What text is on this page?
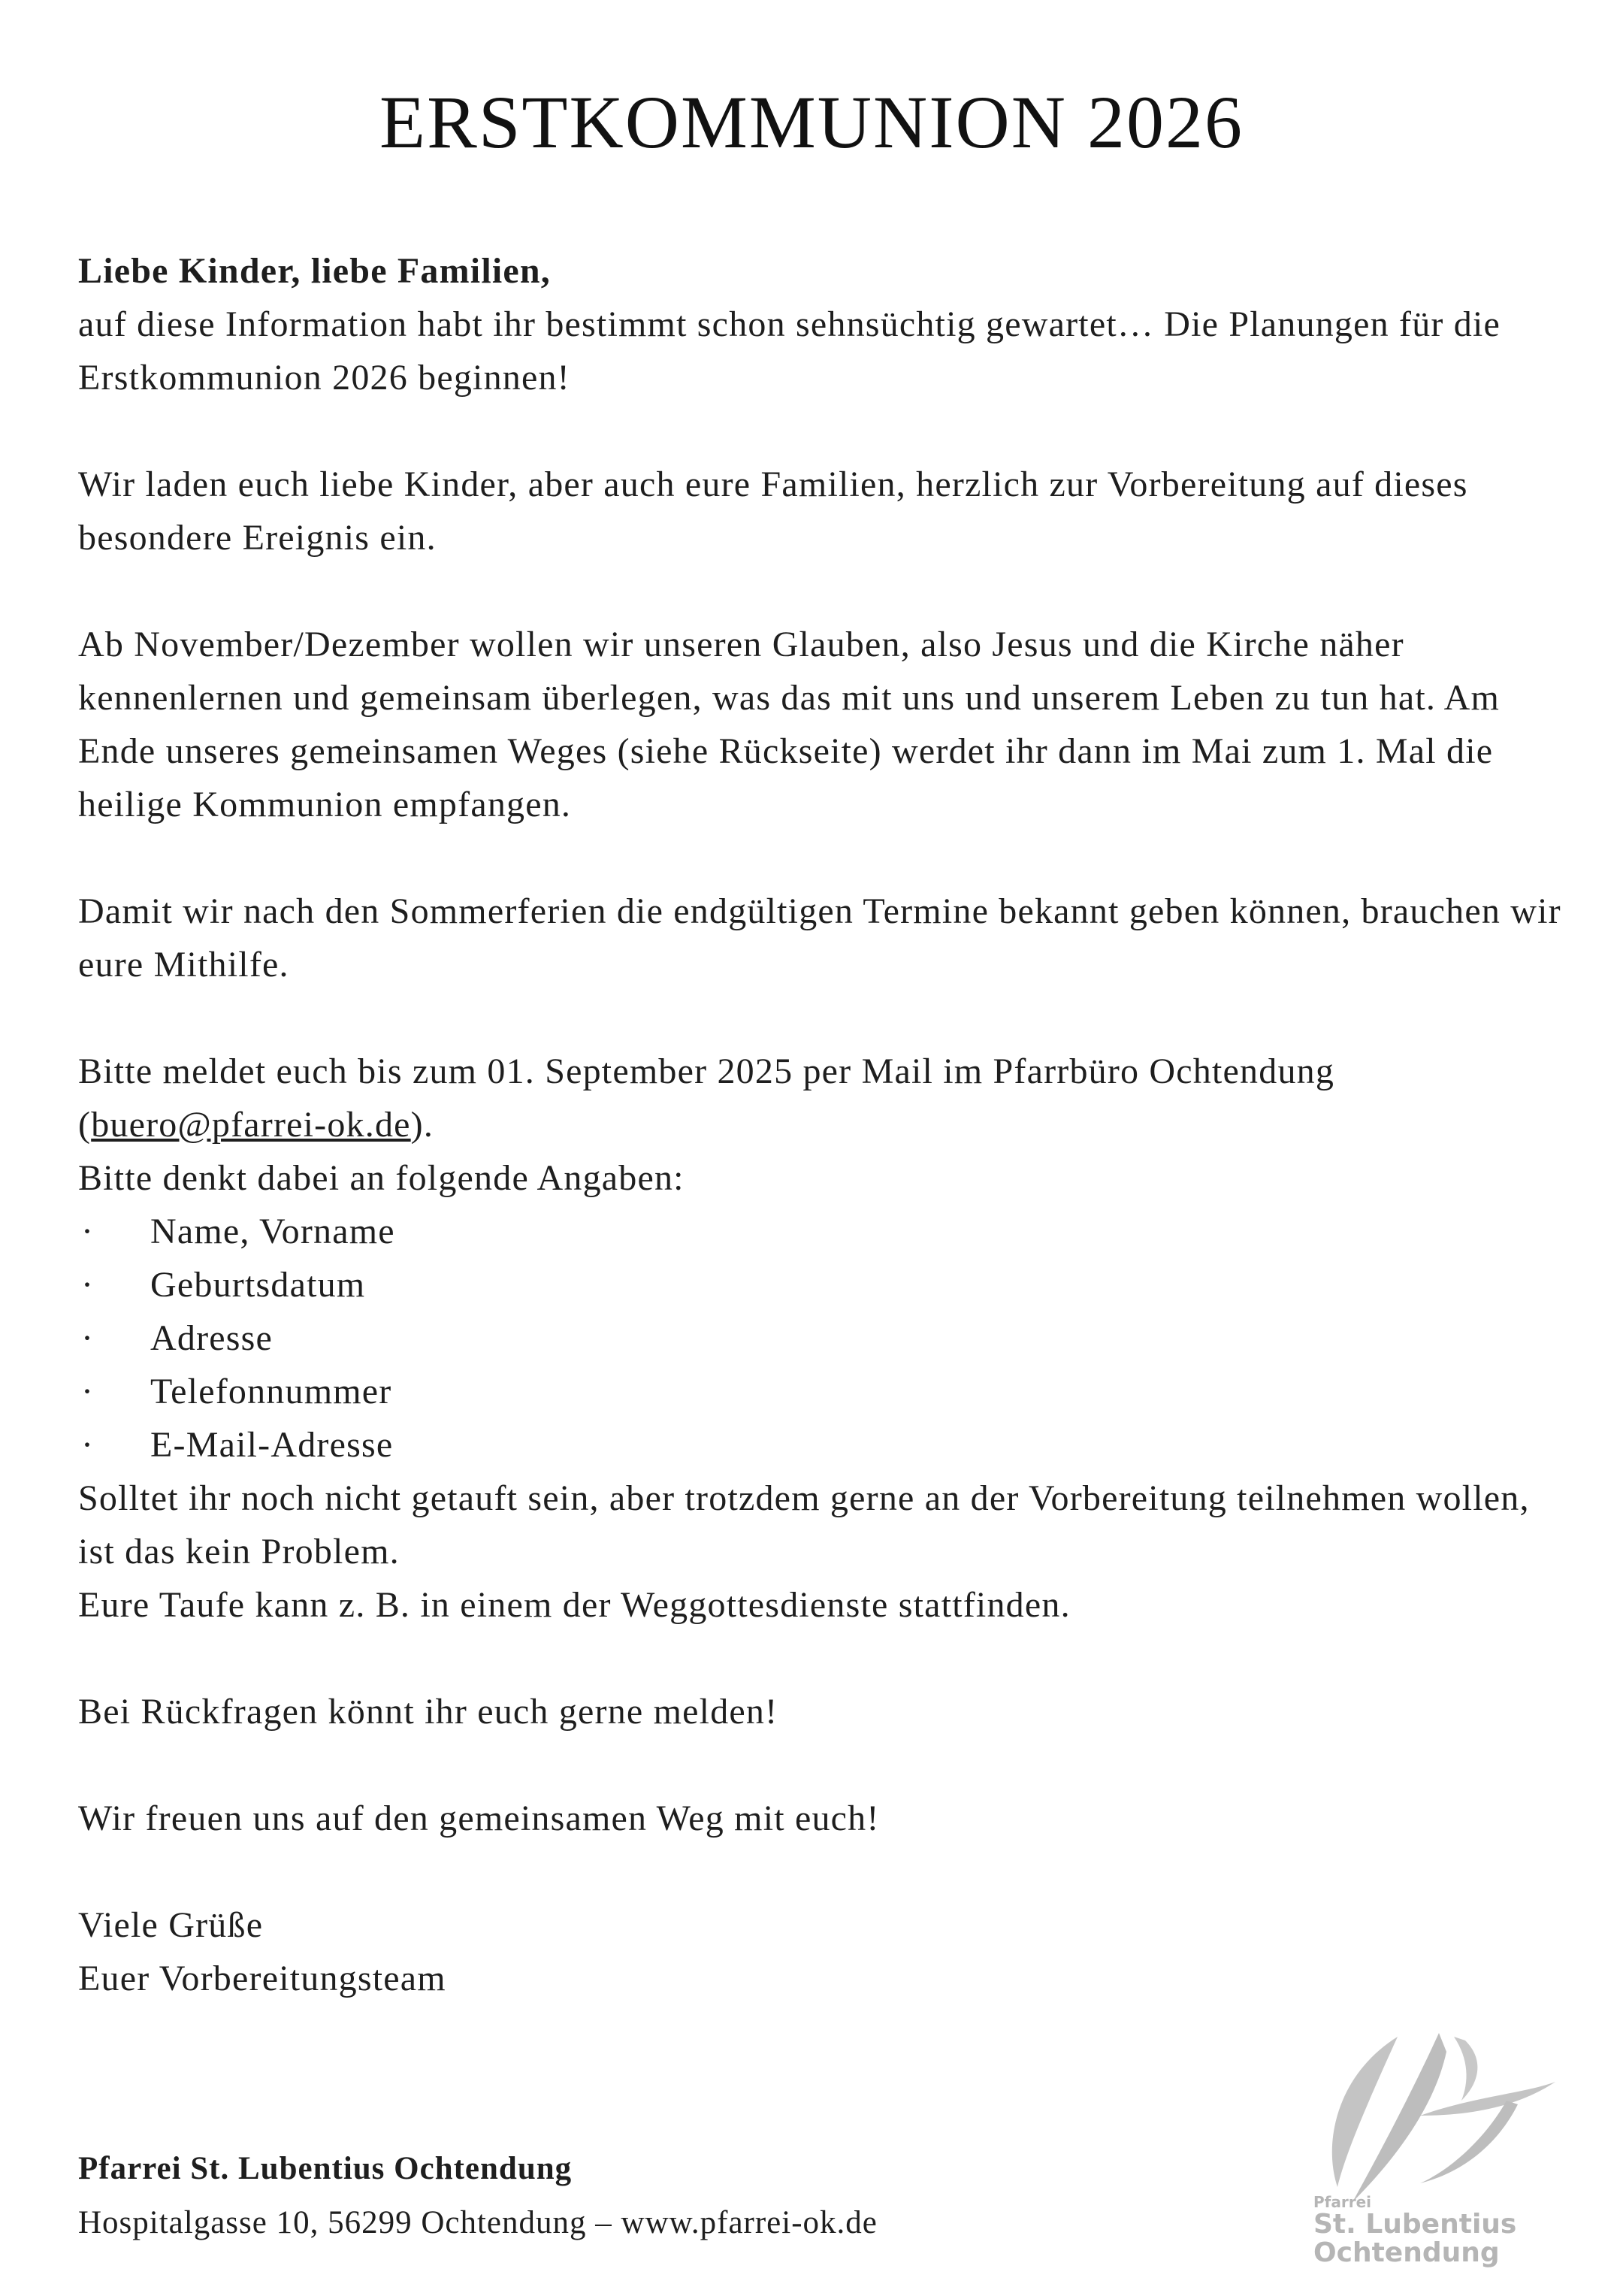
ERSTKOMMUNION 2026

Liebe Kinder, liebe Familien,

auf diese Information habt ihr bestimmt schon sehnsüchtig gewartet… Die Planungen für die Erstkommunion 2026 beginnen!

Wir laden euch liebe Kinder, aber auch eure Familien, herzlich zur Vorbereitung auf dieses besondere Ereignis ein.

Ab November/Dezember wollen wir unseren Glauben, also Jesus und die Kirche näher kennenlernen und gemeinsam überlegen, was das mit uns und unserem Leben zu tun hat. Am Ende unseres gemeinsamen Weges (siehe Rückseite) werdet ihr dann im Mai zum 1. Mal die heilige Kommunion empfangen.

Damit wir nach den Sommerferien die endgültigen Termine bekannt geben können, brauchen wir eure Mithilfe.

Bitte meldet euch bis zum 01. September 2025 per Mail im Pfarrbüro Ochtendung
(buero@pfarrei-ok.de).

Bitte denkt dabei an folgende Angaben:

· Name, Vorname
· Geburtsdatum
· Adresse
· Telefonnummer
· E-Mail-Adresse

Solltet ihr noch nicht getauft sein, aber trotzdem gerne an der Vorbereitung teilnehmen wollen, ist das kein Problem.

Eure Taufe kann z. B. in einem der Weggottesdienste stattfinden.

Bei Rückfragen könnt ihr euch gerne melden!

Wir freuen uns auf den gemeinsamen Weg mit euch!

Viele Grüße

Euer Vorbereitungsteam

Pfarrei St. Lubentius Ochtendung
Hospitalgasse 10, 56299 Ochtendung – www.pfarrei-ok.de
Pfarrei
St. Lubentius
Ochtendung
